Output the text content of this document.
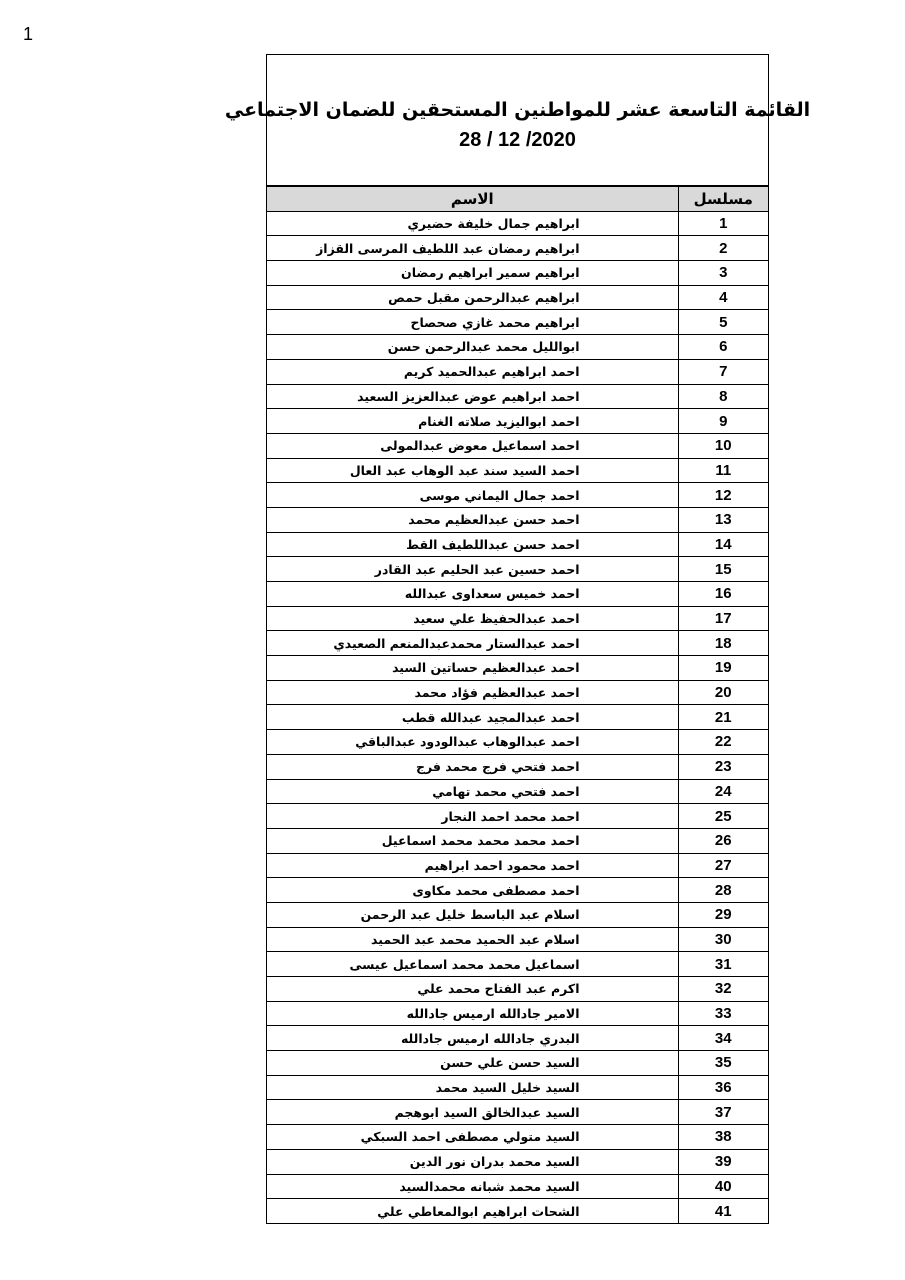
1
القائمة التاسعة عشر للمواطنين المستحقين للضمان الاجتماعي
28 / 12 /2020
مسلسل	الاسم
1	ابراهيم جمال خليفة حضيري
2	ابراهيم رمضان عبد اللطيف المرسى القزاز
3	ابراهيم سمير ابراهيم رمضان
4	ابراهيم عبدالرحمن مقبل حمص
5	ابراهيم محمد غازي صحصاح
6	ابوالليل محمد عبدالرحمن حسن
7	احمد ابراهيم عبدالحميد كريم
8	احمد ابراهيم عوض عبدالعزيز السعيد
9	احمد ابواليزيد صلاته الغنام
10	احمد اسماعيل معوض عبدالمولى
11	احمد السيد سند عبد الوهاب عبد العال
12	احمد جمال اليماني موسى
13	احمد حسن عبدالعظيم محمد
14	احمد حسن عبداللطيف القط
15	احمد حسين عبد الحليم عبد القادر
16	احمد خميس سعداوى عبدالله
17	احمد عبدالحفيظ علي سعيد
18	احمد عبدالستار محمدعبدالمنعم الصعيدي
19	احمد عبدالعظيم حساتين السيد
20	احمد عبدالعظيم فؤاد محمد
21	احمد عبدالمجيد عبدالله قطب
22	احمد عبدالوهاب عبدالودود عبدالباقي
23	احمد فتحي فرج محمد فرج
24	احمد فتحي محمد تهامي
25	احمد محمد احمد النجار
26	احمد محمد محمد محمد اسماعيل
27	احمد محمود احمد ابراهيم
28	احمد مصطفى محمد مكاوى
29	اسلام عبد الباسط خليل عبد الرحمن
30	اسلام عبد الحميد محمد عبد الحميد
31	اسماعيل محمد محمد اسماعيل عيسى
32	اكرم عبد الفتاح محمد علي
33	الامير جادالله ارميس جادالله
34	البدري جادالله ارميس جادالله
35	السيد حسن علي حسن
36	السيد خليل السيد محمد
37	السيد عبدالخالق السيد ابوهجم
38	السيد متولي مصطفى احمد السبكي
39	السيد محمد بدران نور الدين
40	السيد محمد شبانه محمدالسيد
41	الشحات ابراهيم ابوالمعاطي علي
